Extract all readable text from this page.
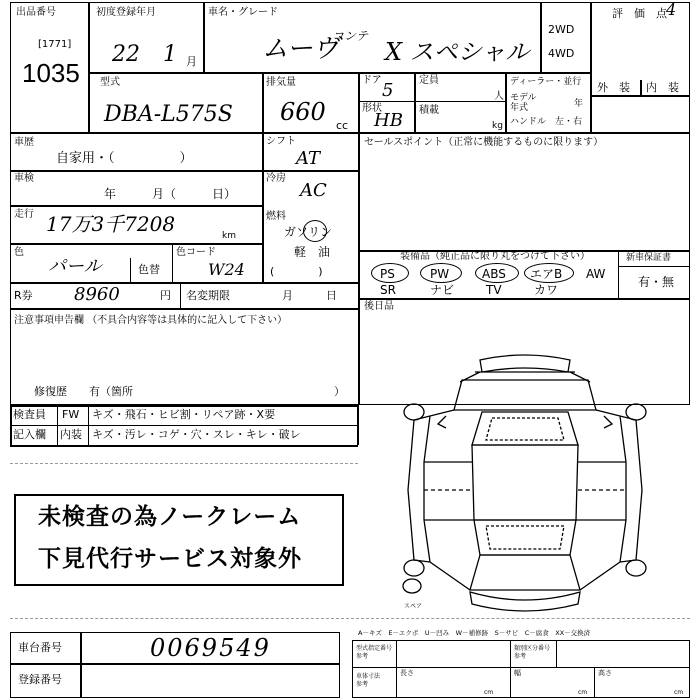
出品番号
[1771]
1035
初度登録年月
22 1 月
車名・グレード
ムーヴ
コンテ
X スペシャル
2WD
4WD
評　価　点 4
型式
DBA-L575S
排気量
660 cc
ドア 5
形状
HB
定員
人
積載
kg
ディーラー・並行
モデル
年式	年
ハンドル　左・右
外　装 内　装
車歴
自家用・（　　　　　）
シフト
AT
車検
年　　　月（　　　日）
冷房
AC
走行 17万3千7208	km
燃料
ガソリン
軽　油
(　　　　)
色
パール	色替
色コード
W24
R券 8960	円 名変期限	月　　　日
セールスポイント（正常に機能するものに限ります）
装備品（純正品に限り丸をつけて下さい）
PS	PW	ABS エアB AW
SR	ナビ	TV	カワ
新車保証書
有・無
後日品
注意事項申告欄 （不具合内容等は具体的に記入して下さい）
修復歴　　有（箇所	）
検査員
記入欄
FW キズ・飛石・ヒビ割・リペア跡・X要
内装 キズ・汚レ・コゲ・穴・スレ・キレ・破レ
未検査の為ノークレーム
下見代行サービス対象外
スペア
A－キズ　E－エクボ　U－凹み　W－補修跡　S－サビ　C－腐食　XX－交換済
車台番号	0069549
登録番号
型式指定番号
参考
類別区分番号
参考
車体寸法
参考
長さ
cm
幅
cm
高さ
cm
